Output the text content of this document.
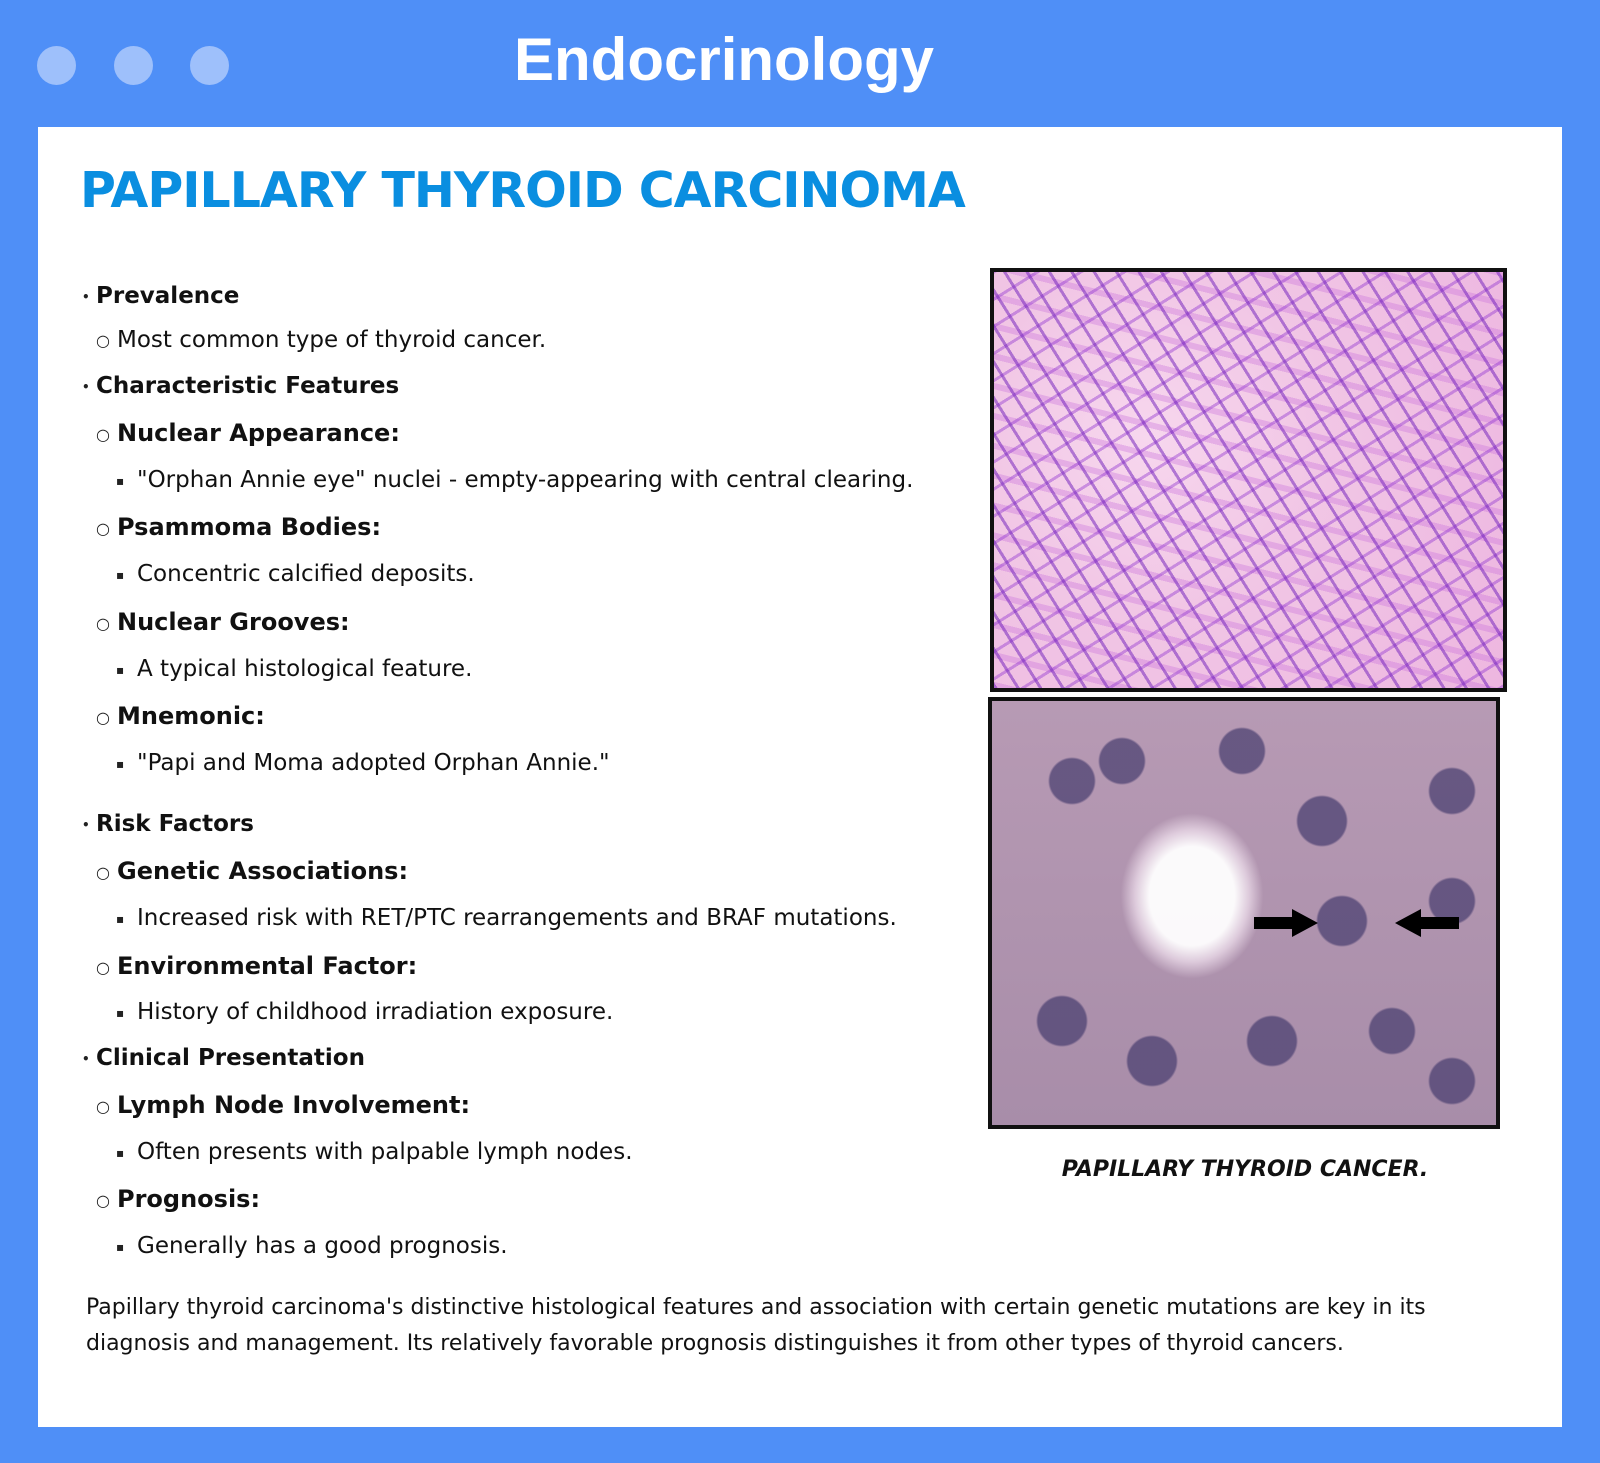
Endocrinology
PAPILLARY THYROID CARCINOMA
• Prevalence
○ Most common type of thyroid cancer.
• Characteristic Features
○ Nuclear Appearance:
▪ "Orphan Annie eye" nuclei - empty-appearing with central clearing.
○ Psammoma Bodies:
▪ Concentric calcified deposits.
○ Nuclear Grooves:
▪ A typical histological feature.
○ Mnemonic:
▪ "Papi and Moma adopted Orphan Annie."
• Risk Factors
○ Genetic Associations:
▪ Increased risk with RET/PTC rearrangements and BRAF mutations.
○ Environmental Factor:
▪ History of childhood irradiation exposure.
• Clinical Presentation
○ Lymph Node Involvement:
▪ Often presents with palpable lymph nodes.
○ Prognosis:
▪ Generally has a good prognosis.
PAPILLARY THYROID CANCER.

Papillary thyroid carcinoma's distinctive histological features and association with certain genetic mutations are key in its diagnosis and management. Its relatively favorable prognosis distinguishes it from other types of thyroid cancers.
